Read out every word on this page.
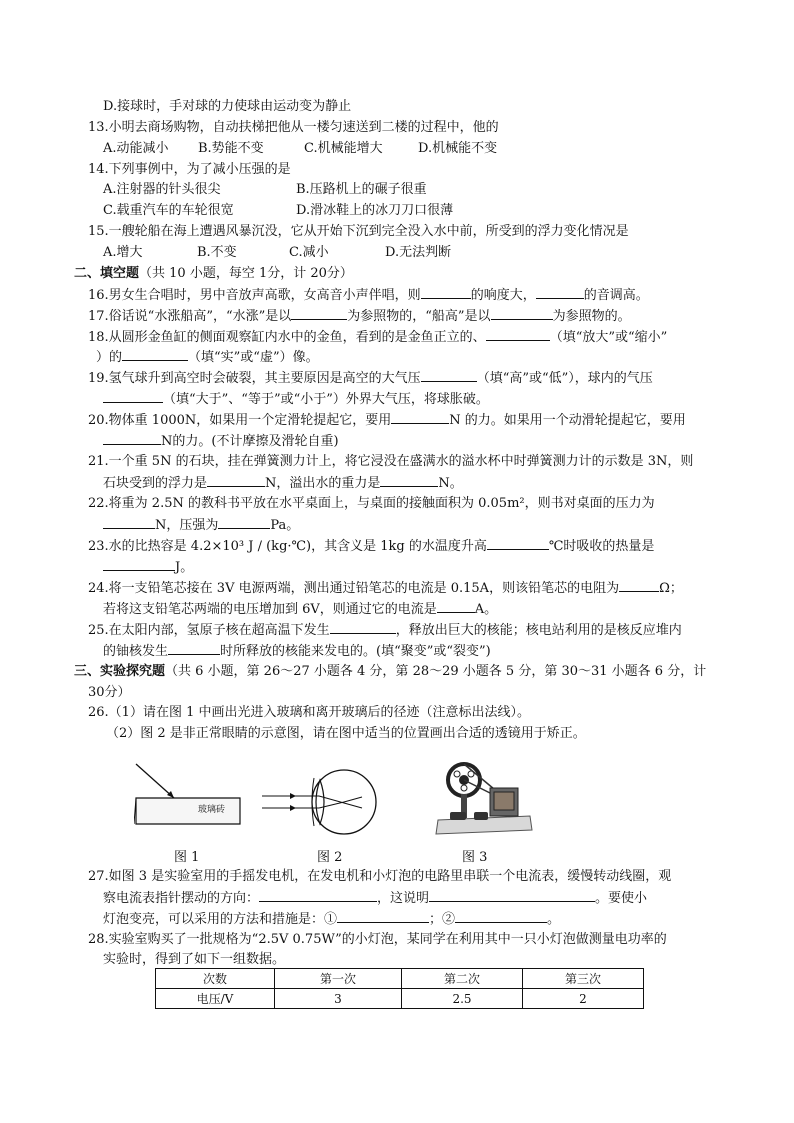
D.接球时，手对球的力使球由运动变为静止
13.小明去商场购物，自动扶梯把他从一楼匀速送到二楼的过程中，他的
A.动能减小 B.势能不变	C.机械能增大	D.机械能不变
14.下列事例中，为了减小压强的是
A.注射器的针头很尖	B.压路机上的碾子很重
C.载重汽车的车轮很宽	D.滑冰鞋上的冰刀刀口很薄
15.一艘轮船在海上遭遇风暴沉没，它从开始下沉到完全没入水中前，所受到的浮力变化情况是
A.增大	B.不变	C.减小	D.无法判断
二、填空题（共 10 小题，每空 1分，计 20分）
16.男女生合唱时，男中音放声高歌，女高音小声伴唱，则	的响度大，	的音调高。
17.俗话说“水涨船高”，“水涨”是以	为参照物的，“船高”是以	为参照物的。
18.从圆形金鱼缸的侧面观察缸内水中的金鱼，看到的是金鱼正立的、	（填“放大”或“缩小”
）的	（填“实”或“虚”）像。
19.氢气球升到高空时会破裂，其主要原因是高空的大气压	（填“高”或“低”），球内的气压
（填“大于”、“等于”或“小于”）外界大气压，将球胀破。
20.物体重 1000N，如果用一个定滑轮提起它，要用	N 的力。如果用一个动滑轮提起它，要用
N的力。(不计摩擦及滑轮自重)
21.一个重 5N 的石块，挂在弹簧测力计上，将它浸没在盛满水的溢水杯中时弹簧测力计的示数是 3N，则
石块受到的浮力是	N，溢出水的重力是	N。
22.将重为 2.5N 的教科书平放在水平桌面上，与桌面的接触面积为 0.05m²，则书对桌面的压力为
N，压强为	Pa。
23.水的比热容是 4.2×10³ J / (kg·℃)，其含义是 1kg 的水温度升高	℃时吸收的热量是
J。
24.将一支铅笔芯接在 3V 电源两端，测出通过铅笔芯的电流是 0.15A，则该铅笔芯的电阻为	Ω；
若将这支铅笔芯两端的电压增加到 6V，则通过它的电流是	A。
25.在太阳内部，氢原子核在超高温下发生	，释放出巨大的核能；核电站利用的是核反应堆内
的铀核发生	时所释放的核能来发电的。(填“聚变”或“裂变”)
三、实验探究题（共 6 小题，第 26～27 小题各 4 分，第 28～29 小题各 5 分，第 30～31 小题各 6 分，计
30分）
26.（1）请在图 1 中画出光进入玻璃和离开玻璃后的径迹（注意标出法线）。
（2）图 2 是非正常眼睛的示意图，请在图中适当的位置画出合适的透镜用于矫正。
玻璃砖
图 1	图 2	图 3
27.如图 3 是实验室用的手摇发电机，在发电机和小灯泡的电路里串联一个电流表，缓慢转动线圈，观
察电流表指针摆动的方向：	，这说明	。要使小
灯泡变亮，可以采用的方法和措施是：①	；②	。
28.实验室购买了一批规格为“2.5V 0.75W”的小灯泡，某同学在利用其中一只小灯泡做测量电功率的
实验时，得到了如下一组数据。
次数	第一次	第二次	第三次
电压/V	3	2.5	2
